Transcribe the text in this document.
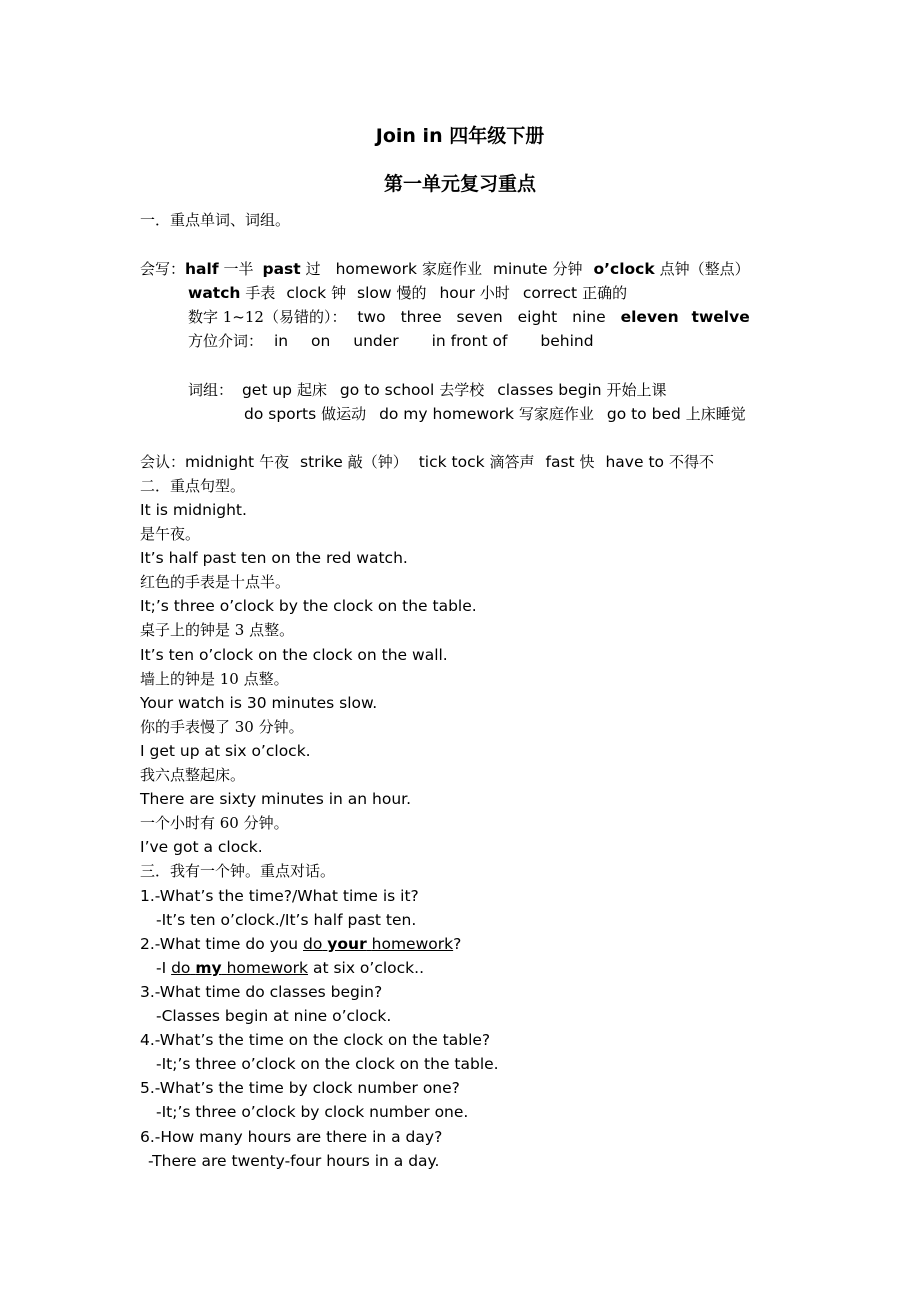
Join in 四年级下册
第一单元复习重点
一．重点单词、词组。
会写：half 一半 past 过 homework 家庭作业 minute 分钟 o’clock 点钟（整点）
watch 手表 clock 钟 slow 慢的 hour 小时 correct 正确的
数字 1~12（易错的）： two three seven eight nine eleven twelve
方位介词： in on under in front of behind
词组： get up 起床 go to school 去学校 classes begin 开始上课
do sports 做运动 do my homework 写家庭作业 go to bed 上床睡觉
会认：midnight 午夜 strike 敲（钟） tick tock 滴答声 fast 快 have to 不得不
二．重点句型。
It is midnight.
是午夜。
It’s half past ten on the red watch.
红色的手表是十点半。
It;’s three o’clock by the clock on the table.
桌子上的钟是 3 点整。
It’s ten o’clock on the clock on the wall.
墙上的钟是 10 点整。
Your watch is 30 minutes slow.
你的手表慢了 30 分钟。
I get up at six o’clock.
我六点整起床。
There are sixty minutes in an hour.
一个小时有 60 分钟。
I’ve got a clock.
三．我有一个钟。重点对话。
1.-What’s the time?/What time is it?
-It’s ten o’clock./It’s half past ten.
2.-What time do you do your homework?
-I do my homework at six o’clock..
3.-What time do classes begin?
-Classes begin at nine o’clock.
4.-What’s the time on the clock on the table?
-It;’s three o’clock on the clock on the table.
5.-What’s the time by clock number one?
-It;’s three o’clock by clock number one.
6.-How many hours are there in a day?
-There are twenty-four hours in a day.
